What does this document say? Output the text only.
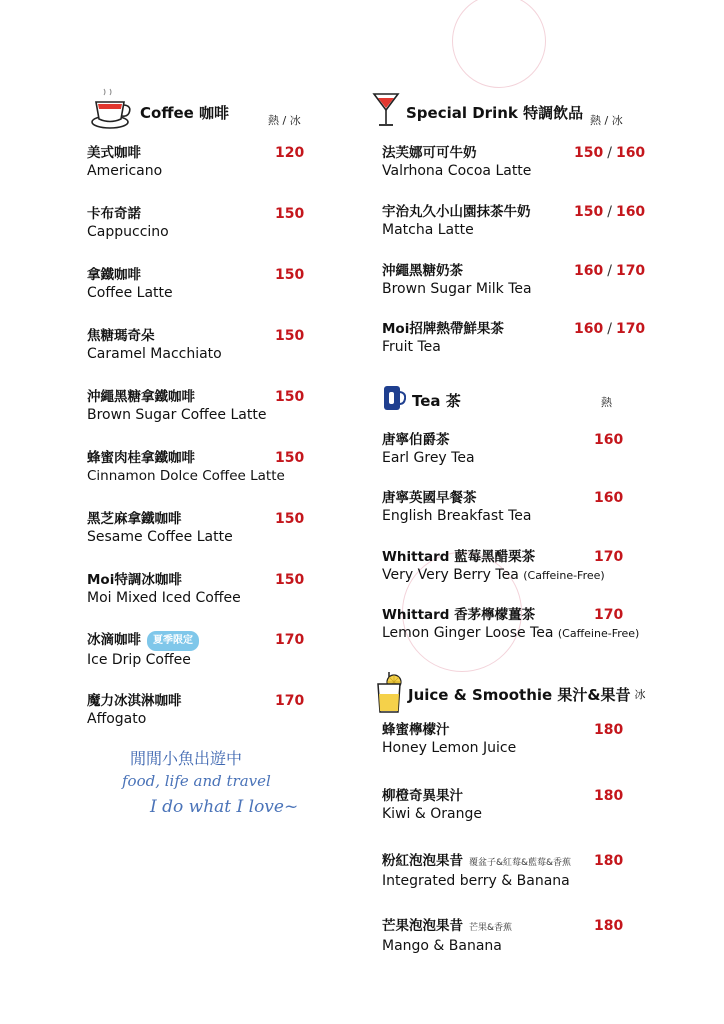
Coffee 咖啡	熱 / 冰
美式咖啡
Americano
120
卡布奇諾
Cappuccino
150
拿鐵咖啡
Coffee Latte
150
焦糖瑪奇朵
Caramel Macchiato
150
沖繩黑糖拿鐵咖啡
Brown Sugar Coffee Latte
150
蜂蜜肉桂拿鐵咖啡
Cinnamon Dolce Coffee Latte
150
黑芝麻拿鐵咖啡
Sesame Coffee Latte
150
Moi特調冰咖啡
Moi Mixed Iced Coffee
150
冰滴咖啡 夏季限定
Ice Drip Coffee
170
魔力冰淇淋咖啡
Affogato
170
閒閒小魚出遊中
food, life and travel
I do what I love~
Special Drink 特調飲品 熱 / 冰
法芙娜可可牛奶
Valrhona Cocoa Latte
150 / 160
宇治丸久小山園抹茶牛奶
Matcha Latte
150 / 160
沖繩黑糖奶茶
Brown Sugar Milk Tea
160 / 170
Moi招牌熱帶鮮果茶
Fruit Tea
160 / 170
Tea 茶	熱
唐寧伯爵茶
Earl Grey Tea
160
唐寧英國早餐茶
English Breakfast Tea
160
Whittard 藍莓黑醋栗茶
Very Very Berry Tea (Caffeine-Free)
170
Whittard 香茅檸檬薑茶
Lemon Ginger Loose Tea (Caffeine-Free)
170
Juice & Smoothie 果汁&果昔 冰
蜂蜜檸檬汁
Honey Lemon Juice
180
柳橙奇異果汁
Kiwi & Orange
180
粉紅泡泡果昔 覆盆子&紅莓&藍莓&香蕉
Integrated berry & Banana
180
芒果泡泡果昔 芒果&香蕉
Mango & Banana
180
